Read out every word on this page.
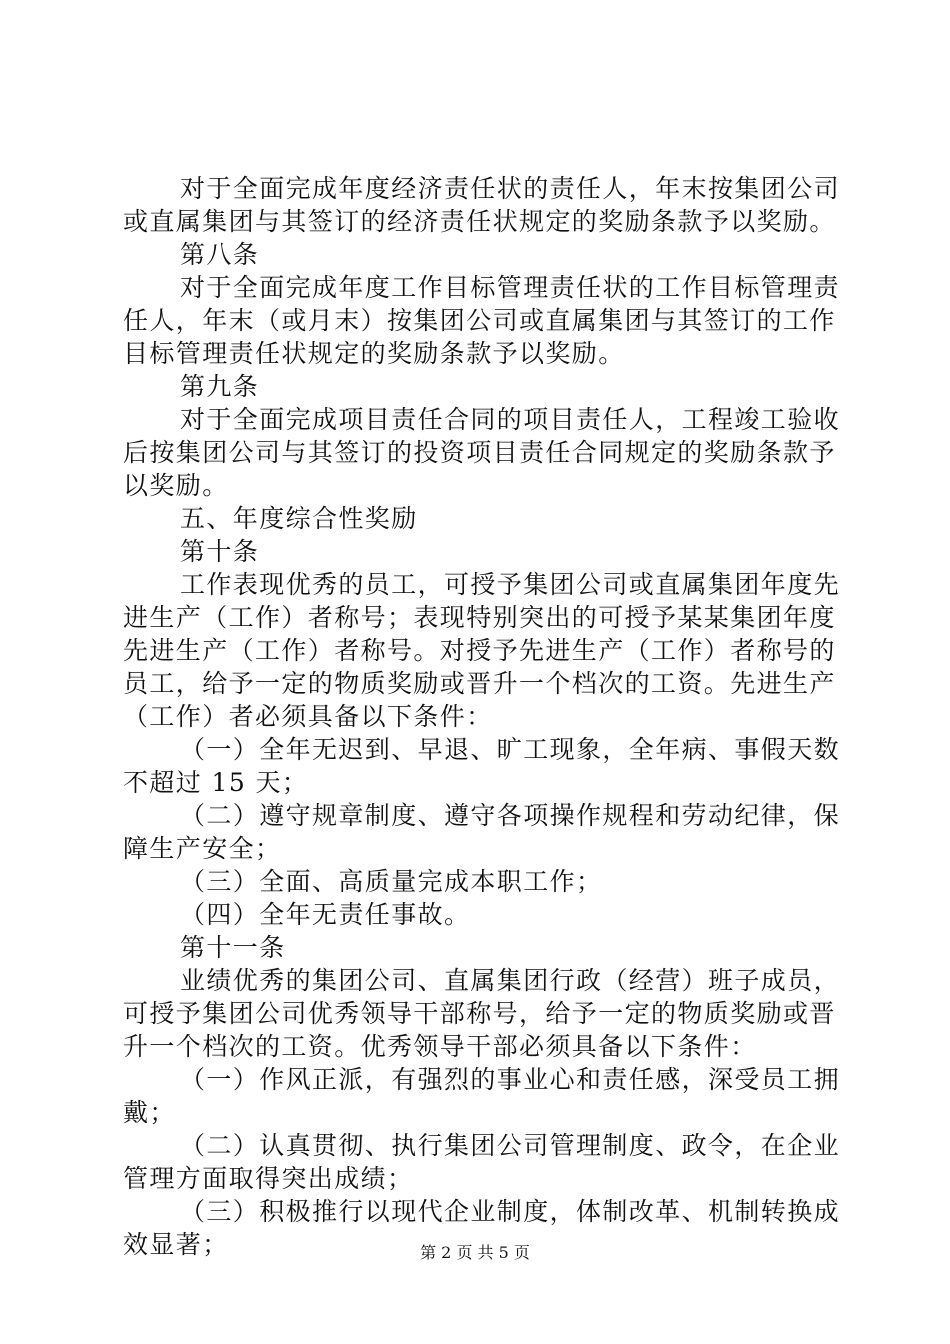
对于全面完成年度经济责任状的责任人，年末按集团公司
或直属集团与其签订的经济责任状规定的奖励条款予以奖励。
第八条
对于全面完成年度工作目标管理责任状的工作目标管理责
任人，年末（或月末）按集团公司或直属集团与其签订的工作
目标管理责任状规定的奖励条款予以奖励。
第九条
对于全面完成项目责任合同的项目责任人，工程竣工验收
后按集团公司与其签订的投资项目责任合同规定的奖励条款予
以奖励。
五、年度综合性奖励
第十条
工作表现优秀的员工，可授予集团公司或直属集团年度先
进生产（工作）者称号；表现特别突出的可授予某某集团年度
先进生产（工作）者称号。对授予先进生产（工作）者称号的
员工，给予一定的物质奖励或晋升一个档次的工资。先进生产
（工作）者必须具备以下条件：
（一）全年无迟到、早退、旷工现象，全年病、事假天数
不超过 15 天；
（二）遵守规章制度、遵守各项操作规程和劳动纪律，保
障生产安全；
（三）全面、高质量完成本职工作；
（四）全年无责任事故。
第十一条
业绩优秀的集团公司、直属集团行政（经营）班子成员，
可授予集团公司优秀领导干部称号，给予一定的物质奖励或晋
升一个档次的工资。优秀领导干部必须具备以下条件：
（一）作风正派，有强烈的事业心和责任感，深受员工拥
戴；
（二）认真贯彻、执行集团公司管理制度、政令，在企业
管理方面取得突出成绩；
（三）积极推行以现代企业制度，体制改革、机制转换成
效显著；	第 2 页 共 5 页
